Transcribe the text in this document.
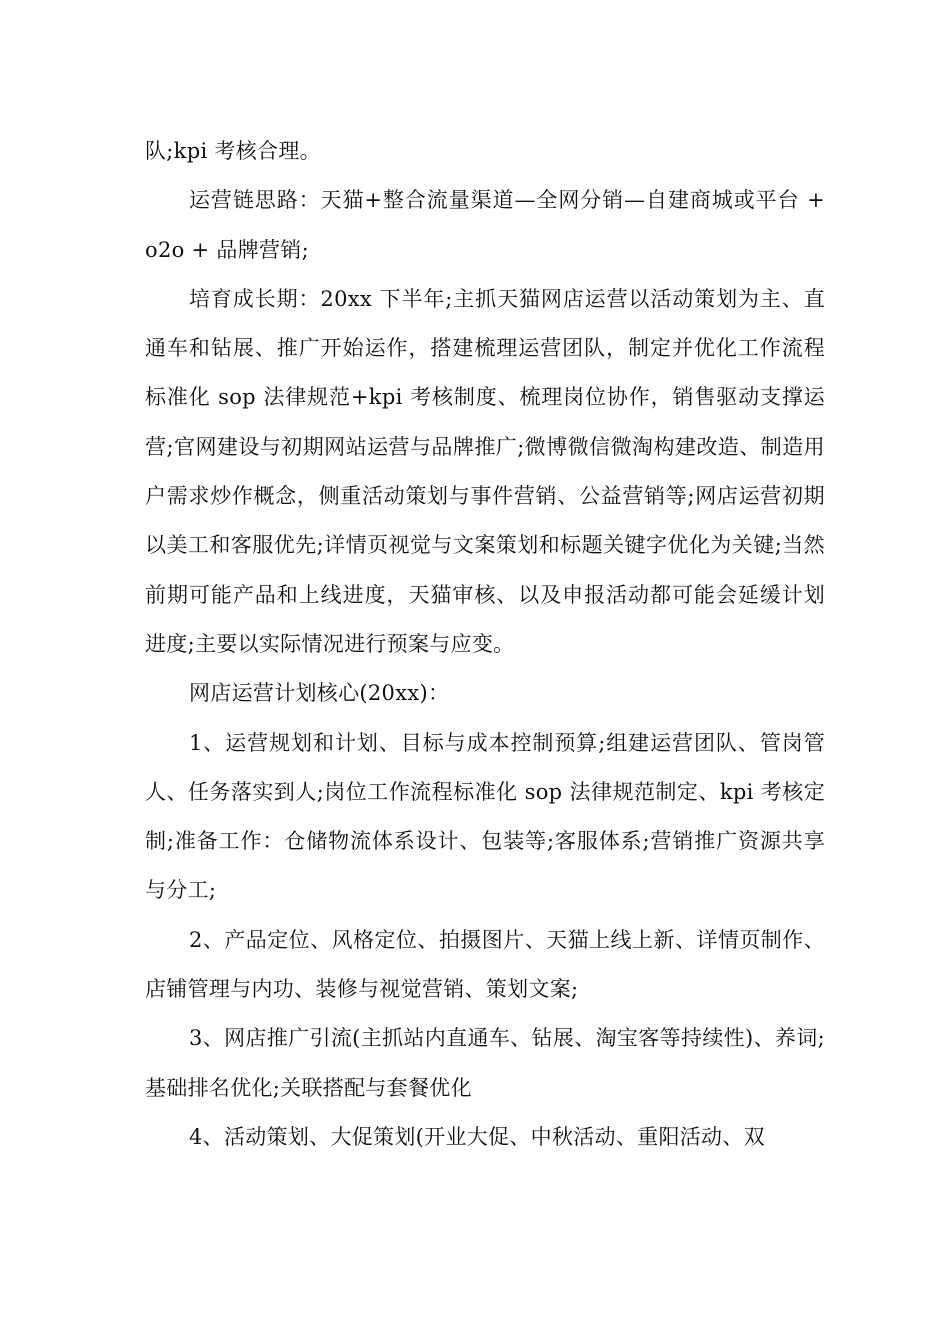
队;kpi 考核合理。

运营链思路：天猫+整合流量渠道—全网分销—自建商城或平台 + o2o + 品牌营销;

培育成长期：20xx 下半年;主抓天猫网店运营以活动策划为主、直通车和钻展、推广开始运作，搭建梳理运营团队，制定并优化工作流程标准化 sop 法律规范+kpi 考核制度、梳理岗位协作，销售驱动支撑运营;官网建设与初期网站运营与品牌推广;微博微信微淘构建改造、制造用户需求炒作概念，侧重活动策划与事件营销、公益营销等;网店运营初期以美工和客服优先;详情页视觉与文案策划和标题关键字优化为关键;当然前期可能产品和上线进度，天猫审核、以及申报活动都可能会延缓计划进度;主要以实际情况进行预案与应变。

网店运营计划核心(20xx)：

1、运营规划和计划、目标与成本控制预算;组建运营团队、管岗管人、任务落实到人;岗位工作流程标准化 sop 法律规范制定、kpi 考核定制;准备工作：仓储物流体系设计、包装等;客服体系;营销推广资源共享与分工;

2、产品定位、风格定位、拍摄图片、天猫上线上新、详情页制作、店铺管理与内功、装修与视觉营销、策划文案;

3、网店推广引流(主抓站内直通车、钻展、淘宝客等持续性)、养词;基础排名优化;关联搭配与套餐优化

4、活动策划、大促策划(开业大促、中秋活动、重阳活动、双
